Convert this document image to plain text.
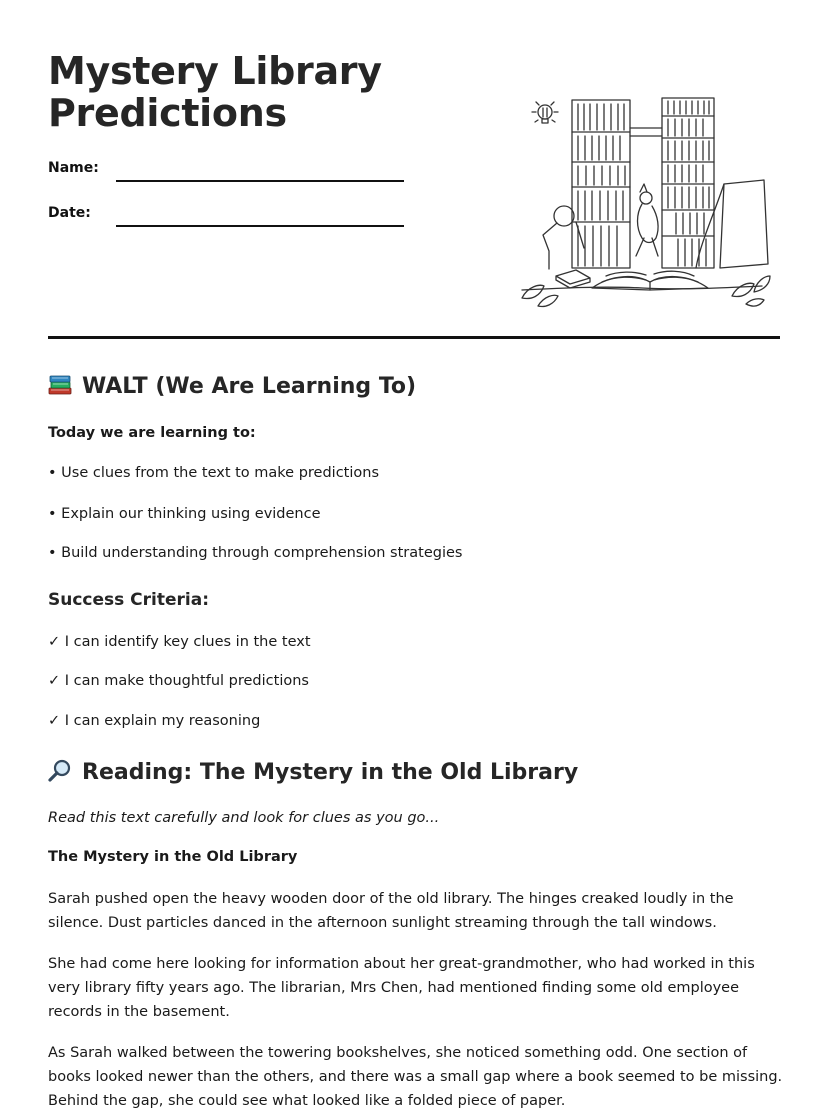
Mystery Library
Predictions
Name:
Date:
WALT (We Are Learning To)
Today we are learning to:
• Use clues from the text to make predictions
• Explain our thinking using evidence
• Build understanding through comprehension strategies
Success Criteria:
✓ I can identify key clues in the text
✓ I can make thoughtful predictions
✓ I can explain my reasoning
Reading: The Mystery in the Old Library
Read this text carefully and look for clues as you go...
The Mystery in the Old Library

Sarah pushed open the heavy wooden door of the old library. The hinges creaked loudly in the silence. Dust particles danced in the afternoon sunlight streaming through the tall windows.

She had come here looking for information about her great-grandmother, who had worked in this very library fifty years ago. The librarian, Mrs Chen, had mentioned finding some old employee records in the basement.

As Sarah walked between the towering bookshelves, she noticed something odd. One section of books looked newer than the others, and there was a small gap where a book seemed to be missing. Behind the gap, she could see what looked like a folded piece of paper.
